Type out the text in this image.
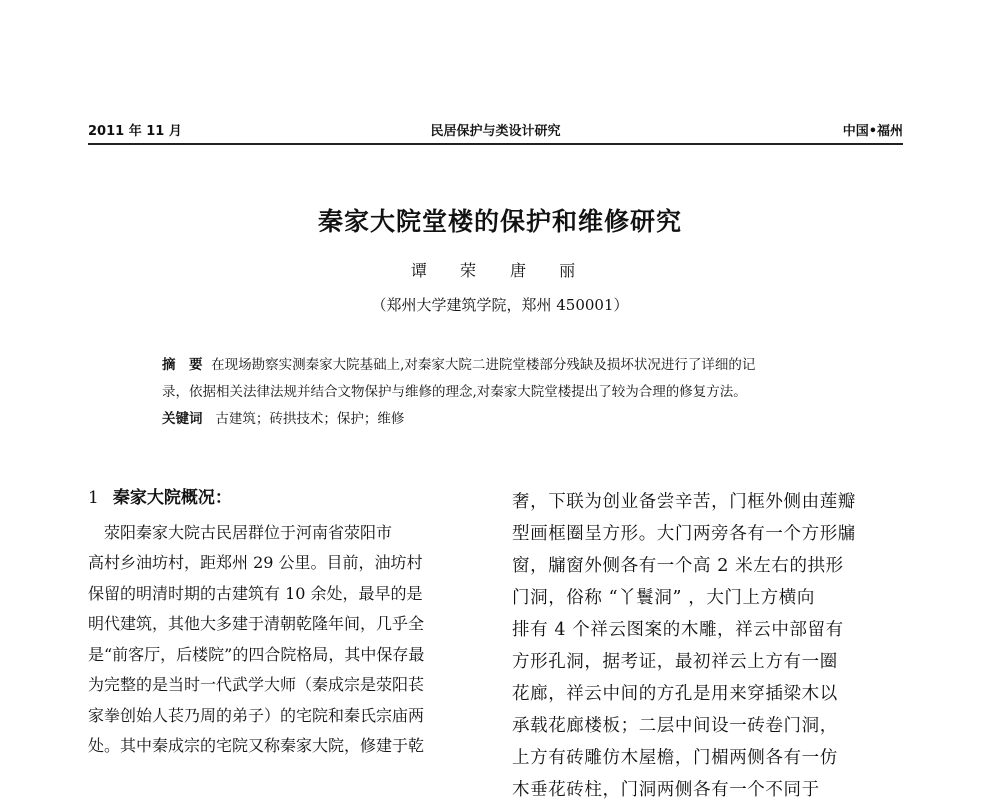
2011 年 11 月	民居保护与类设计研究	中国•福州
秦家大院堂楼的保护和维修研究
谭 荣 唐 丽
（郑州大学建筑学院，郑州 450001）
摘　要 在现场勘察实测秦家大院基础上,对秦家大院二进院堂楼部分残缺及损坏状况进行了详细的记
录，依据相关法律法规并结合文物保护与维修的理念,对秦家大院堂楼提出了较为合理的修复方法。
关键词 古建筑；砖拱技术；保护；维修
1 秦家大院概况：
　荥阳秦家大院古民居群位于河南省荥阳市
高村乡油坊村，距郑州 29 公里。目前，油坊村
保留的明清时期的古建筑有 10 余处，最早的是
明代建筑，其他大多建于清朝乾隆年间，几乎全
是“前客厅，后楼院”的四合院格局，其中保存最
为完整的是当时一代武学大师（秦成宗是荥阳苌
家拳创始人苌乃周的弟子）的宅院和秦氏宗庙两
处。其中秦成宗的宅院又称秦家大院，修建于乾
奢，下联为创业备尝辛苦，门框外侧由莲瓣
型画框圈呈方形。大门两旁各有一个方形牖
窗，牖窗外侧各有一个高 2 米左右的拱形
门洞，俗称 “丫鬟洞” ，大门上方横向
排有 4 个祥云图案的木雕，祥云中部留有
方形孔洞，据考证，最初祥云上方有一圈
花廊，祥云中间的方孔是用来穿插梁木以
承载花廊楼板；二层中间设一砖卷门洞，
上方有砖雕仿木屋檐，门楣两侧各有一仿
木垂花砖柱，门洞两侧各有一个不同于
